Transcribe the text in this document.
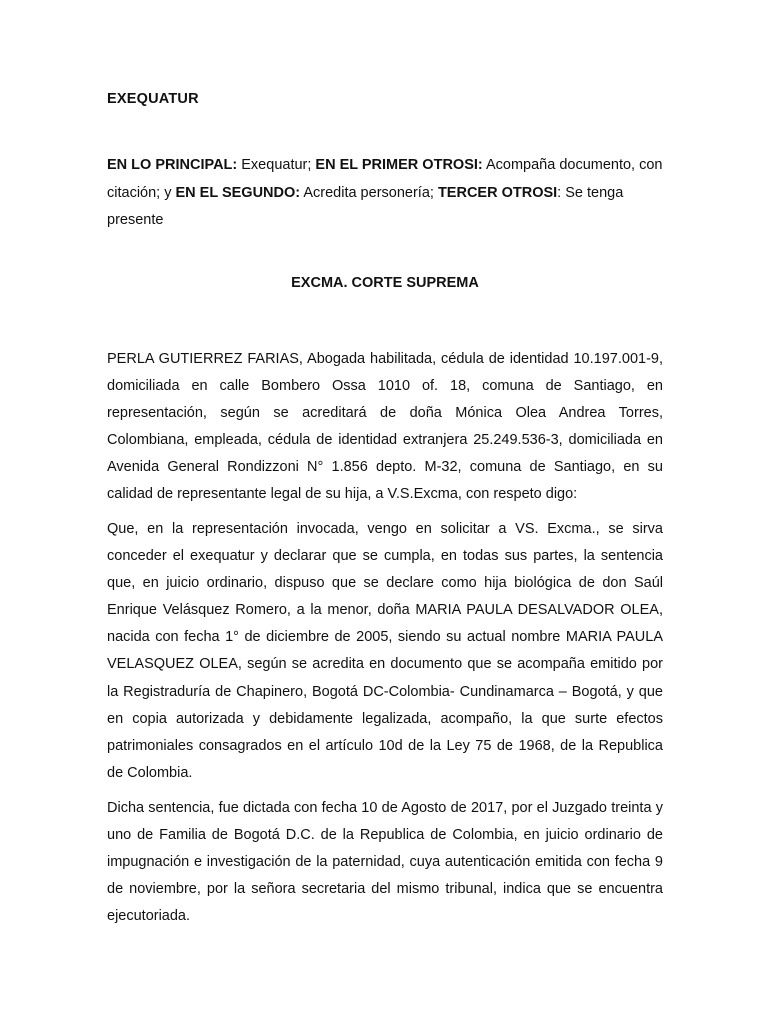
EXEQUATUR
EN LO PRINCIPAL: Exequatur; EN EL PRIMER OTROSI: Acompaña documento, con citación; y EN EL SEGUNDO: Acredita personería; TERCER OTROSI: Se tenga presente
EXCMA. CORTE SUPREMA
PERLA GUTIERREZ FARIAS, Abogada habilitada, cédula de identidad 10.197.001-9, domiciliada en calle Bombero Ossa 1010 of. 18, comuna de Santiago, en representación, según se acreditará de doña Mónica Olea Andrea Torres, Colombiana, empleada, cédula de identidad extranjera 25.249.536-3, domiciliada en Avenida General Rondizzoni N° 1.856 depto. M-32, comuna de Santiago, en su calidad de representante legal de su hija, a V.S.Excma, con respeto digo:
Que, en la representación invocada, vengo en solicitar a VS. Excma., se sirva conceder el exequatur y declarar que se cumpla, en todas sus partes, la sentencia que, en juicio ordinario, dispuso que se declare como hija biológica de don Saúl Enrique Velásquez Romero, a la menor, doña MARIA PAULA DESALVADOR OLEA, nacida con fecha 1° de diciembre de 2005, siendo su actual nombre MARIA PAULA VELASQUEZ OLEA, según se acredita en documento que se acompaña emitido por la Registraduría de Chapinero, Bogotá DC-Colombia- Cundinamarca – Bogotá, y que en copia autorizada y debidamente legalizada, acompaño, la que surte efectos patrimoniales consagrados en el artículo 10d de la Ley 75 de 1968, de la Republica de Colombia.
Dicha sentencia, fue dictada con fecha 10 de Agosto de 2017, por el Juzgado treinta y uno de Familia de Bogotá D.C. de la Republica de Colombia, en juicio ordinario de impugnación e investigación de la paternidad, cuya autenticación emitida con fecha 9 de noviembre, por la señora secretaria del mismo tribunal, indica que se encuentra ejecutoriada.
